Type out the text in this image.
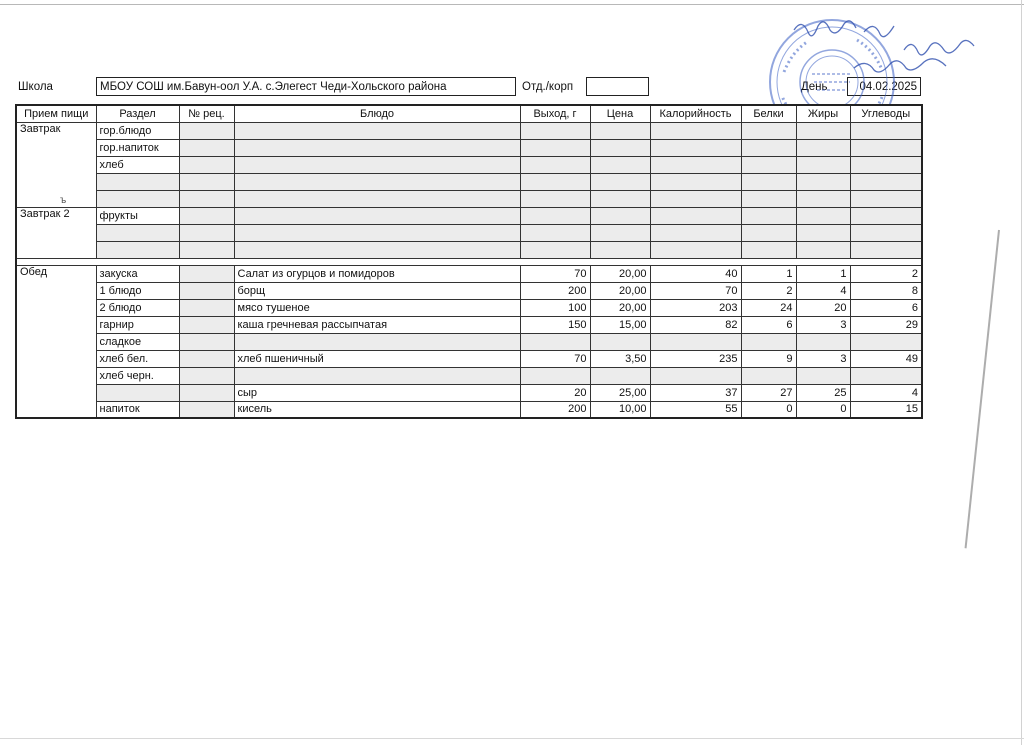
Школа	МБОУ СОШ им.Бавун-оол У.А. с.Элегест Чеди-Хольского района	Отд./корп	День	04.02.2025
ъ
Прием пищи	Раздел	№ рец.	Блюдо	Выход, г	Цена	Калорийность	Белки	Жиры	Углеводы
Завтрак	гор.блюдо								
	гор.напиток								
	хлеб								

Завтрак 2	фрукты								

Обед	закуска		Салат из огурцов и помидоров	70	20,00	40	1	1	2
	1 блюдо		борщ	200	20,00	70	2	4	8
	2 блюдо		мясо тушеное	100	20,00	203	24	20	6
	гарнир		каша гречневая рассыпчатая	150	15,00	82	6	3	29
	сладкое								
	хлеб бел.		хлеб пшеничный	70	3,50	235	9	3	49
	хлеб черн.								
			сыр	20	25,00	37	27	25	4
	напиток		кисель	200	10,00	55	0	0	15
